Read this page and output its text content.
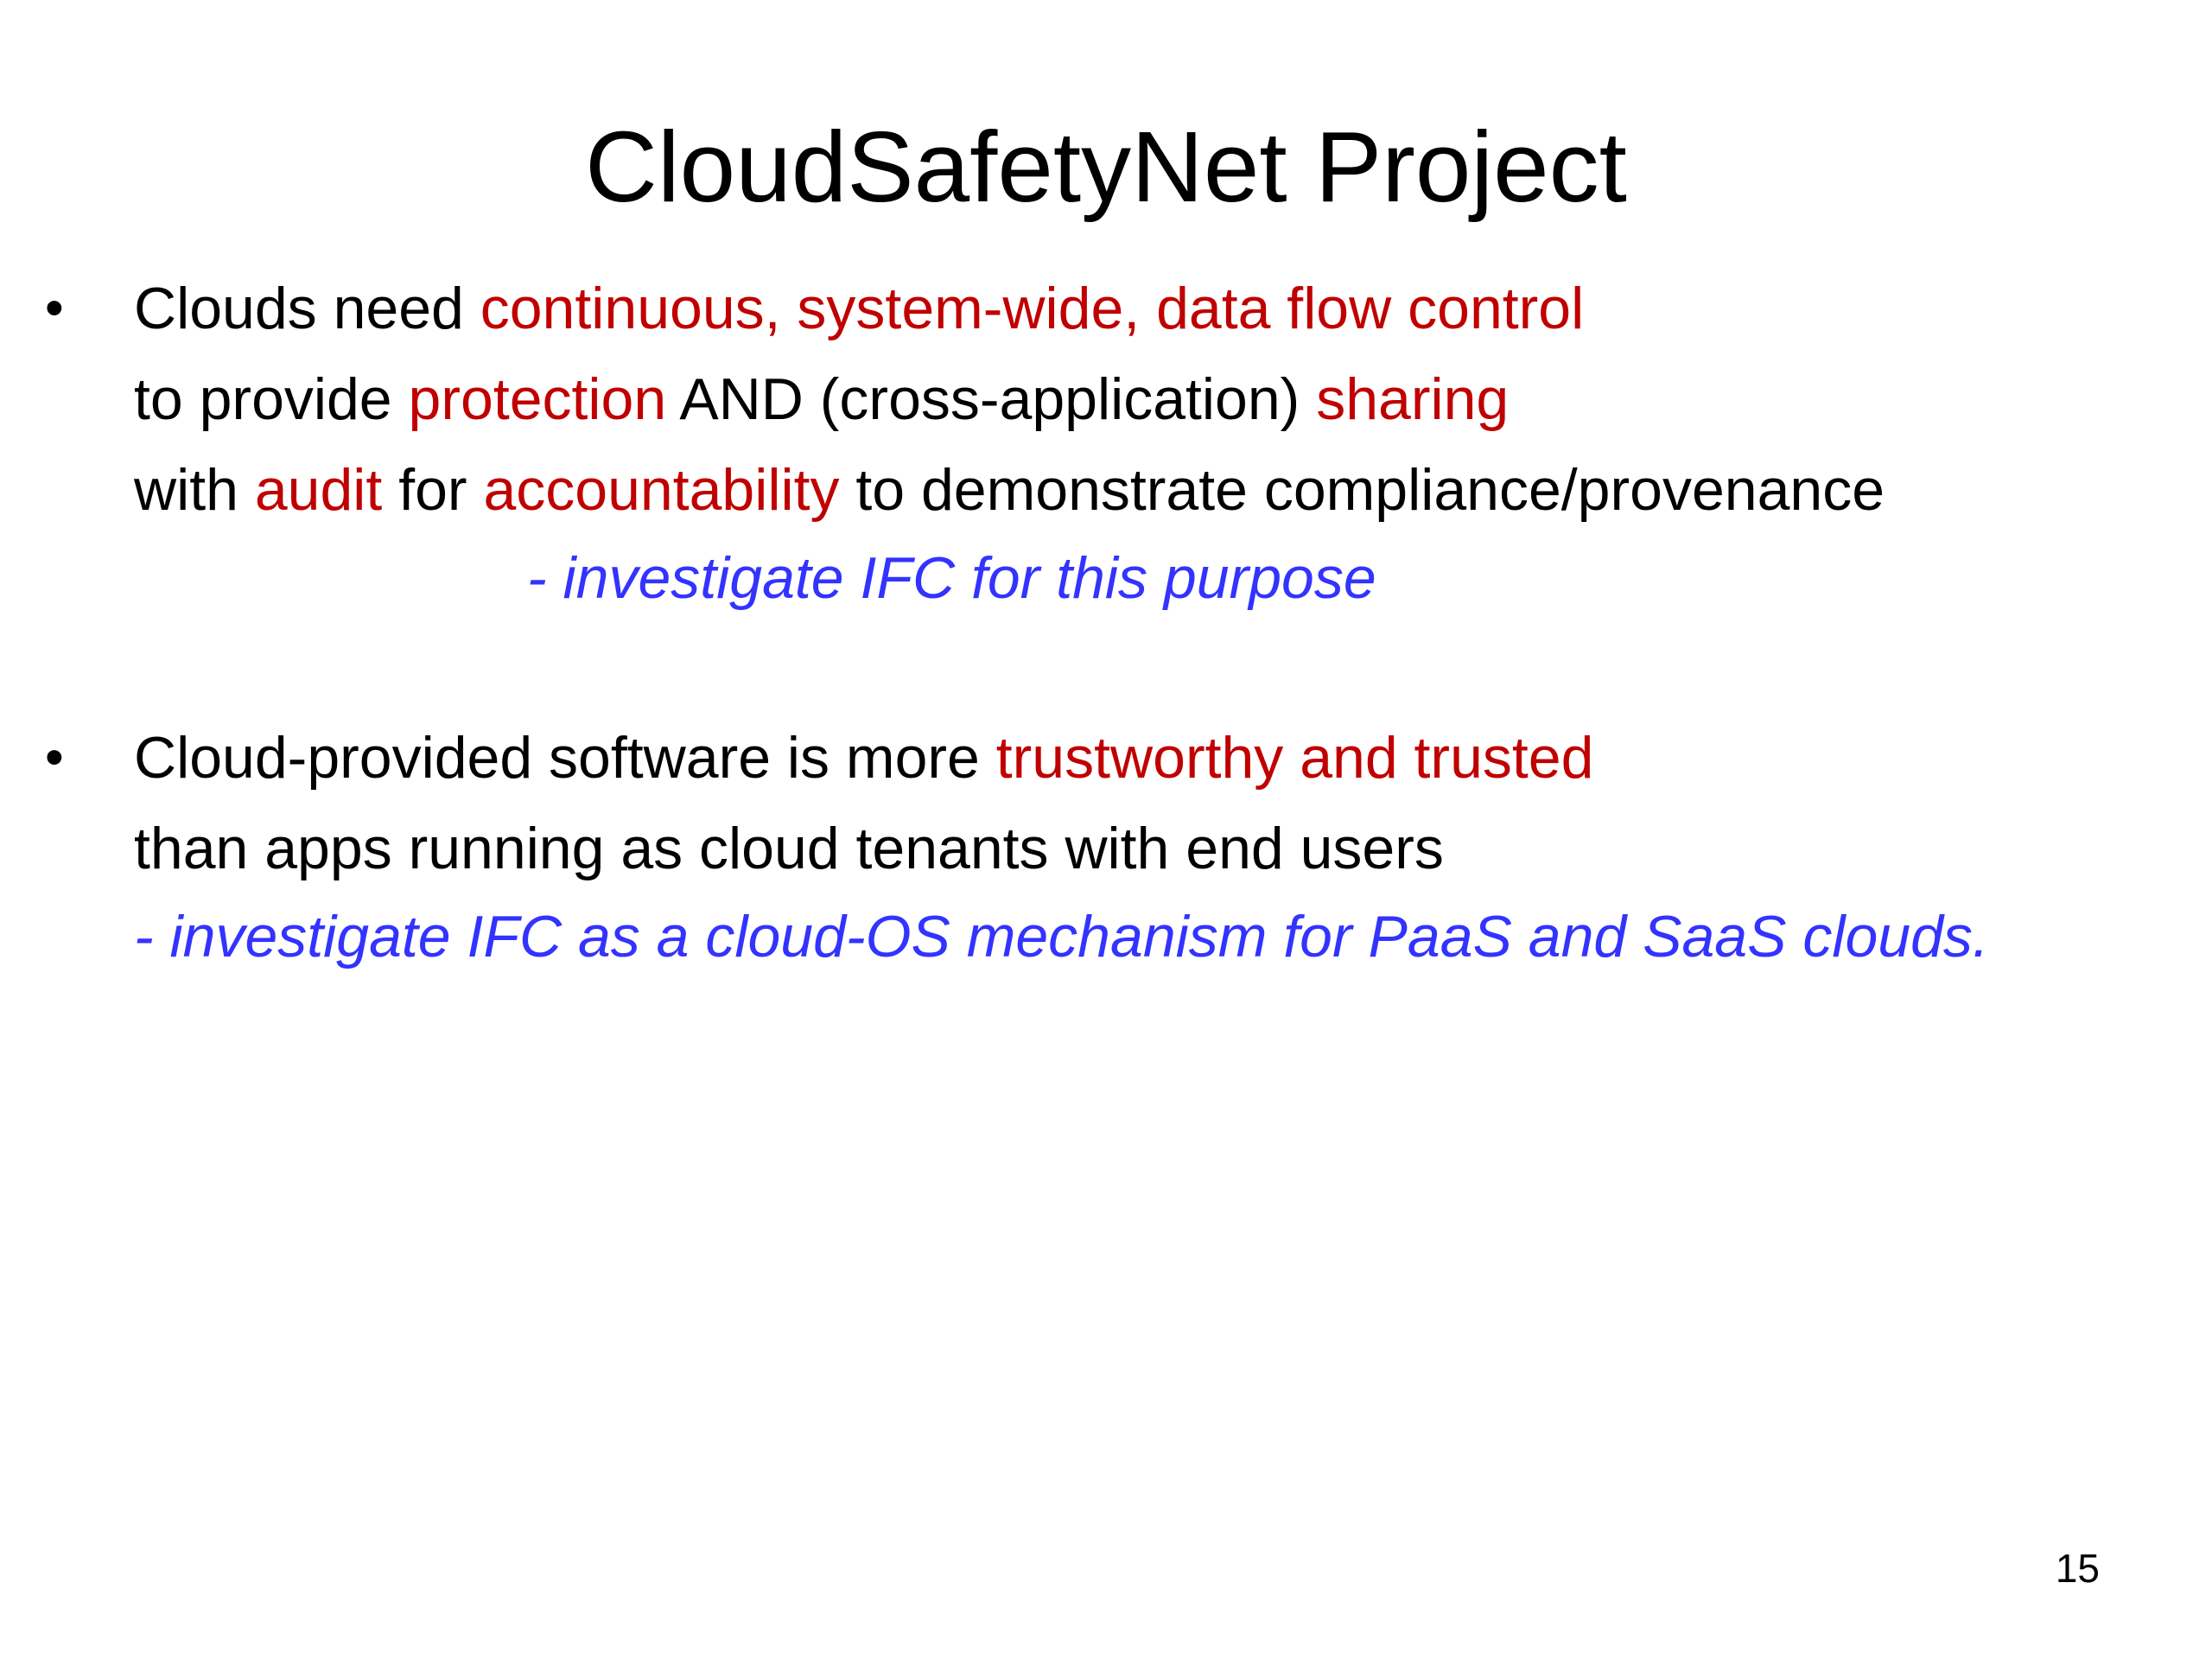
CloudSafetyNet Project
• Clouds need continuous, system-wide, data flow control
to provide protection AND (cross-application) sharing
with audit for accountability to demonstrate compliance/provenance
- investigate IFC for this purpose
• Cloud-provided software is more trustworthy and trusted
than apps running as cloud tenants with end users
- investigate IFC as a cloud-OS mechanism for PaaS and SaaS clouds.
15
